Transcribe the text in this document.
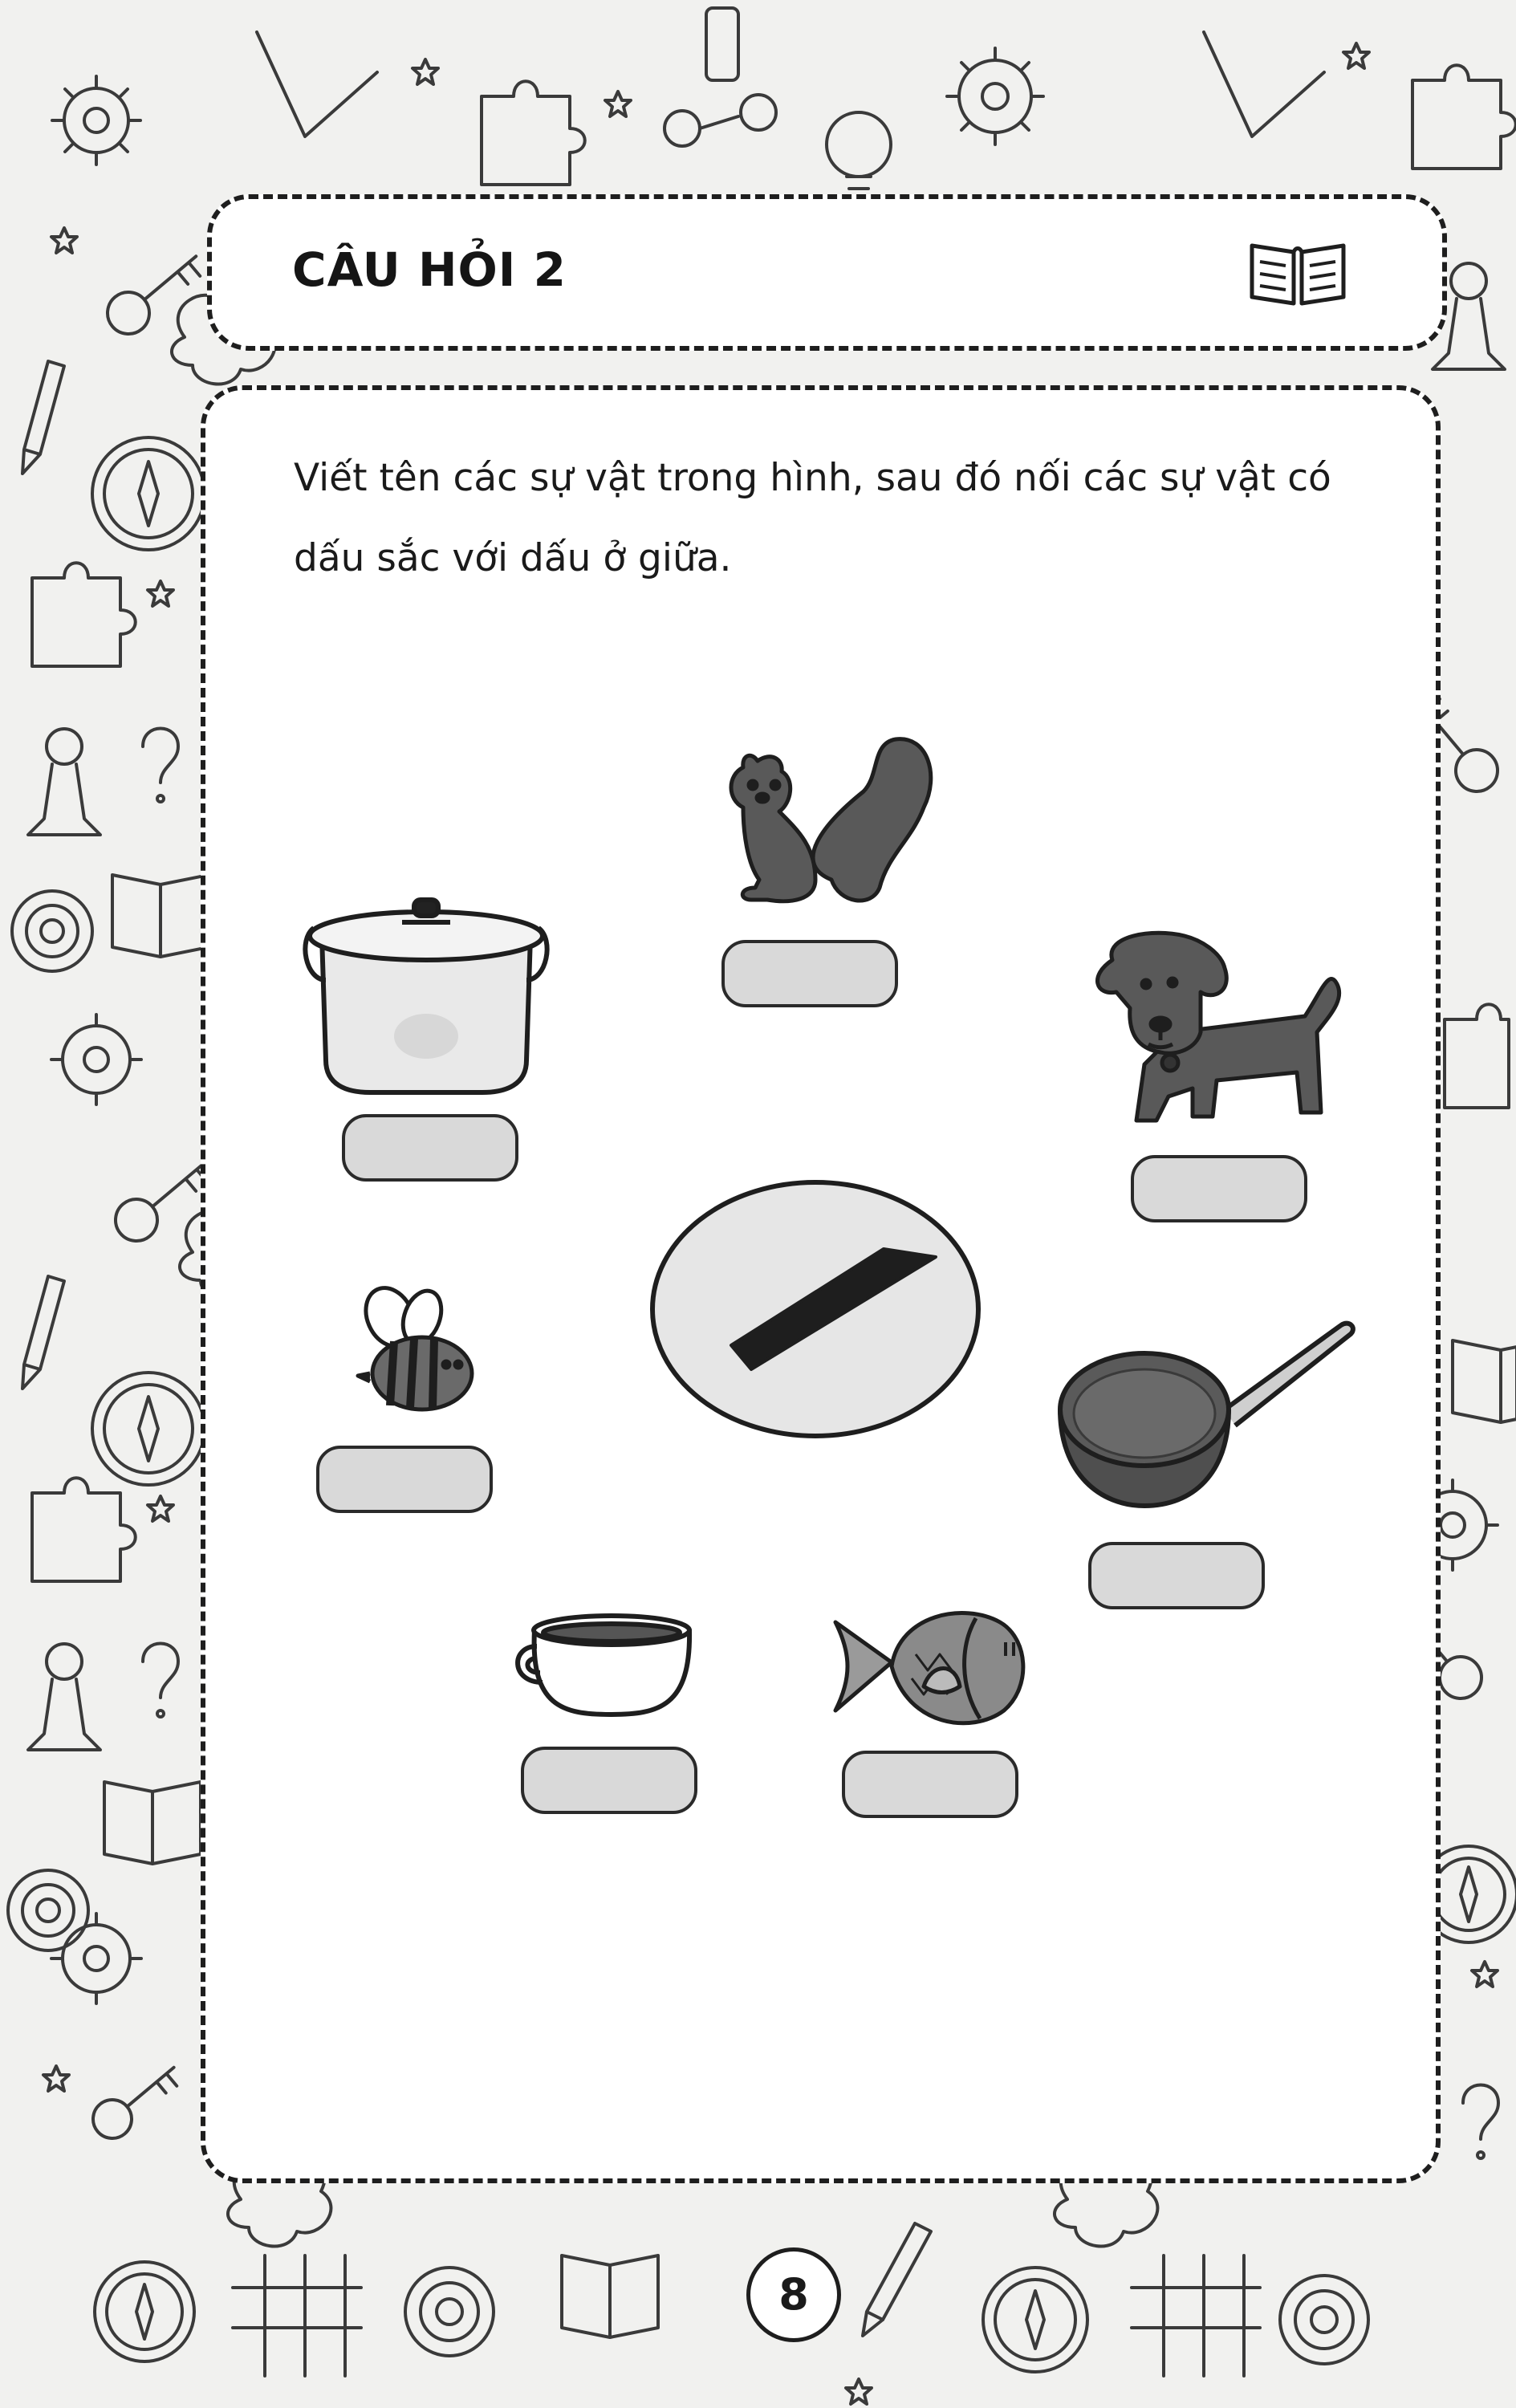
CÂU HỎI 2
Viết tên các sự vật trong hình, sau đó nối các sự vật có dấu sắc với dấu ở giữa.
8
